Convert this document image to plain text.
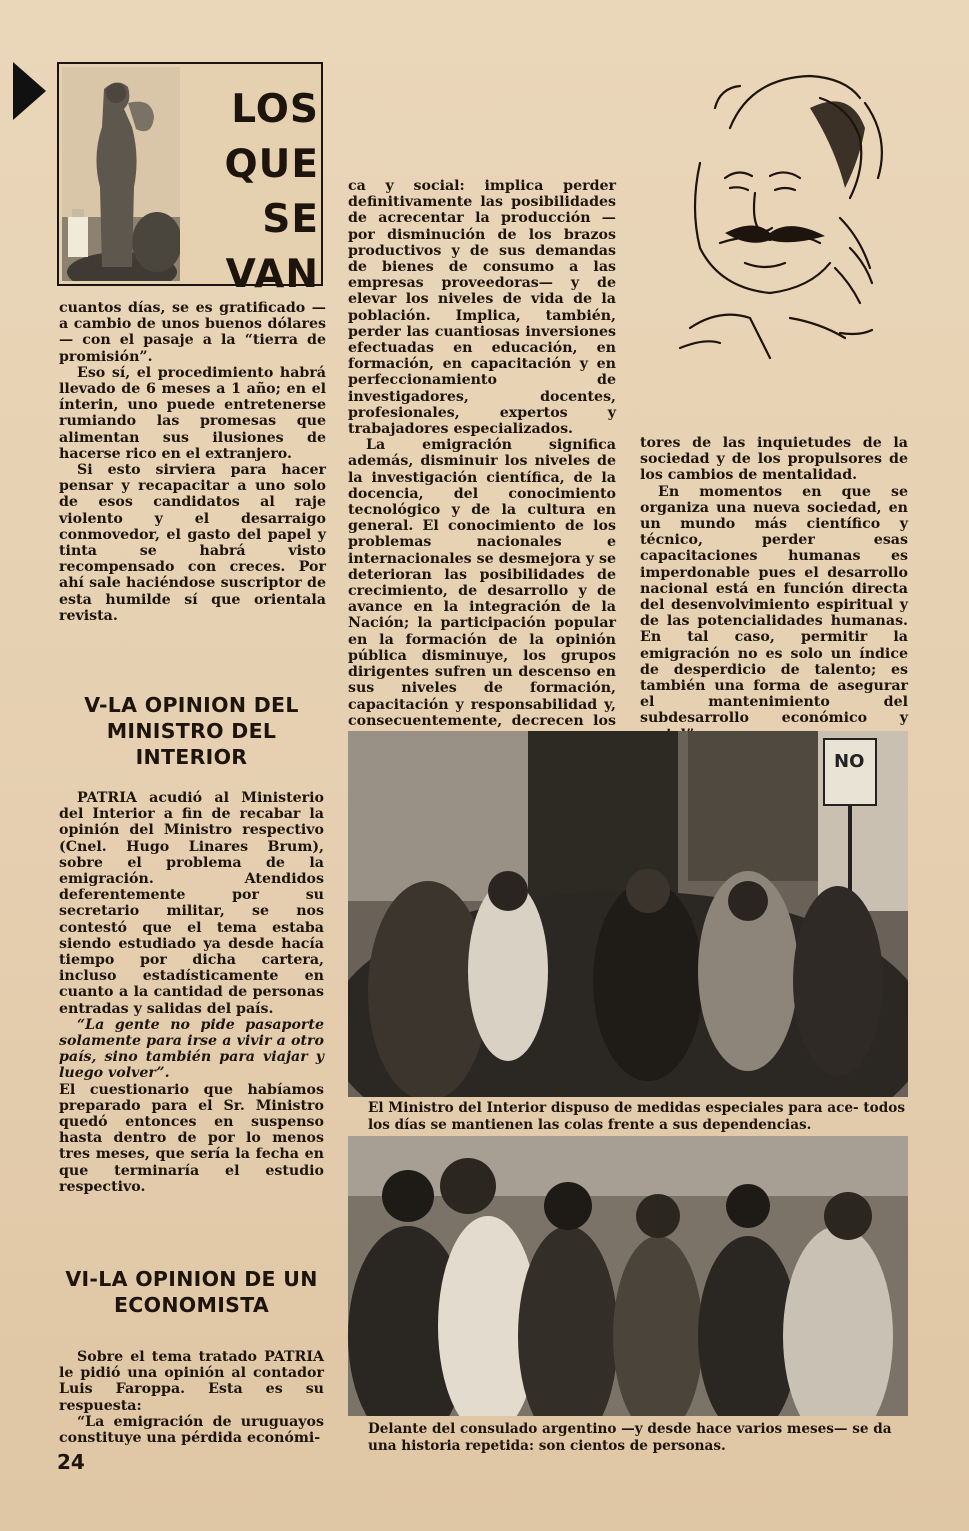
LOS
QUE
SE
VAN

cuantos días, se es gratificado —a cambio de unos buenos dólares— con el pasaje a la “tierra de promisión”.

Eso sí, el procedimiento habrá llevado de 6 meses a 1 año; en el ínterin, uno puede entretenerse rumiando las promesas que alimentan sus ilusiones de hacerse rico en el extranjero.

Si esto sirviera para hacer pensar y recapacitar a uno solo de esos candidatos al raje violento y el desarraigo conmovedor, el gasto del papel y tinta se habrá visto recompensado con creces. Por ahí sale haciéndose suscriptor de esta humilde sí que orientala revista.

V-LA OPINION DEL MINISTRO DEL INTERIOR

PATRIA acudió al Ministerio del Interior a fin de recabar la opinión del Ministro respectivo (Cnel. Hugo Linares Brum), sobre el problema de la emigración. Atendidos deferentemente por su secretario militar, se nos contestó que el tema estaba siendo estudiado ya desde hacía tiempo por dicha cartera, incluso estadísticamente en cuanto a la cantidad de personas entradas y salidas del país.

“La gente no pide pasaporte solamente para irse a vivir a otro país, sino también para viajar y luego volver”.

El cuestionario que habíamos preparado para el Sr. Ministro quedó entonces en suspenso hasta dentro de por lo menos tres meses, que sería la fecha en que terminaría el estudio respectivo.

VI-LA OPINION DE UN ECONOMISTA

Sobre el tema tratado PATRIA le pidió una opinión al contador Luis Faroppa. Esta es su respuesta:

“La emigración de uruguayos constituye una pérdida económi-

ca y social: implica perder definitivamente las posibilidades de acrecentar la producción — por disminución de los brazos productivos y de sus demandas de bienes de consumo a las empresas proveedoras— y de elevar los niveles de vida de la población. Implica, también, perder las cuantiosas inversiones efectuadas en educación, en formación, en capacitación y en perfeccionamiento de investigadores, docentes, profesionales, expertos y trabajadores especializados.

La emigración significa además, disminuir los niveles de la investigación científica, de la docencia, del conocimiento tecnológico y de la cultura en general. El conocimiento de los problemas nacionales e internacionales se desmejora y se deterioran las posibilidades de crecimiento, de desarrollo y de avance en la integración de la Nación; la participación popular en la formación de la opinión pública disminuye, los grupos dirigentes sufren un descenso en sus niveles de formación, capacitación y responsabilidad y, consecuentemente, decrecen los

tores de las inquietudes de la sociedad y de los propulsores de los cambios de mentalidad.

En momentos en que se organiza una nueva sociedad, en un mundo más científico y técnico, perder esas capacitaciones humanas es imperdonable pues el desarrollo nacional está en función directa del desenvolvimiento espiritual y de las potencialidades humanas. En tal caso, permitir la emigración no es solo un índice de desperdicio de talento; es también una forma de asegurar el mantenimiento del subdesarrollo económico y

NO
El Ministro del Interior dispuso de medidas especiales para ace- todos los días se mantienen las colas frente a sus dependencias.
Delante del consulado argentino —y desde hace varios meses— se da una historia repetida: son cientos de personas.
24
